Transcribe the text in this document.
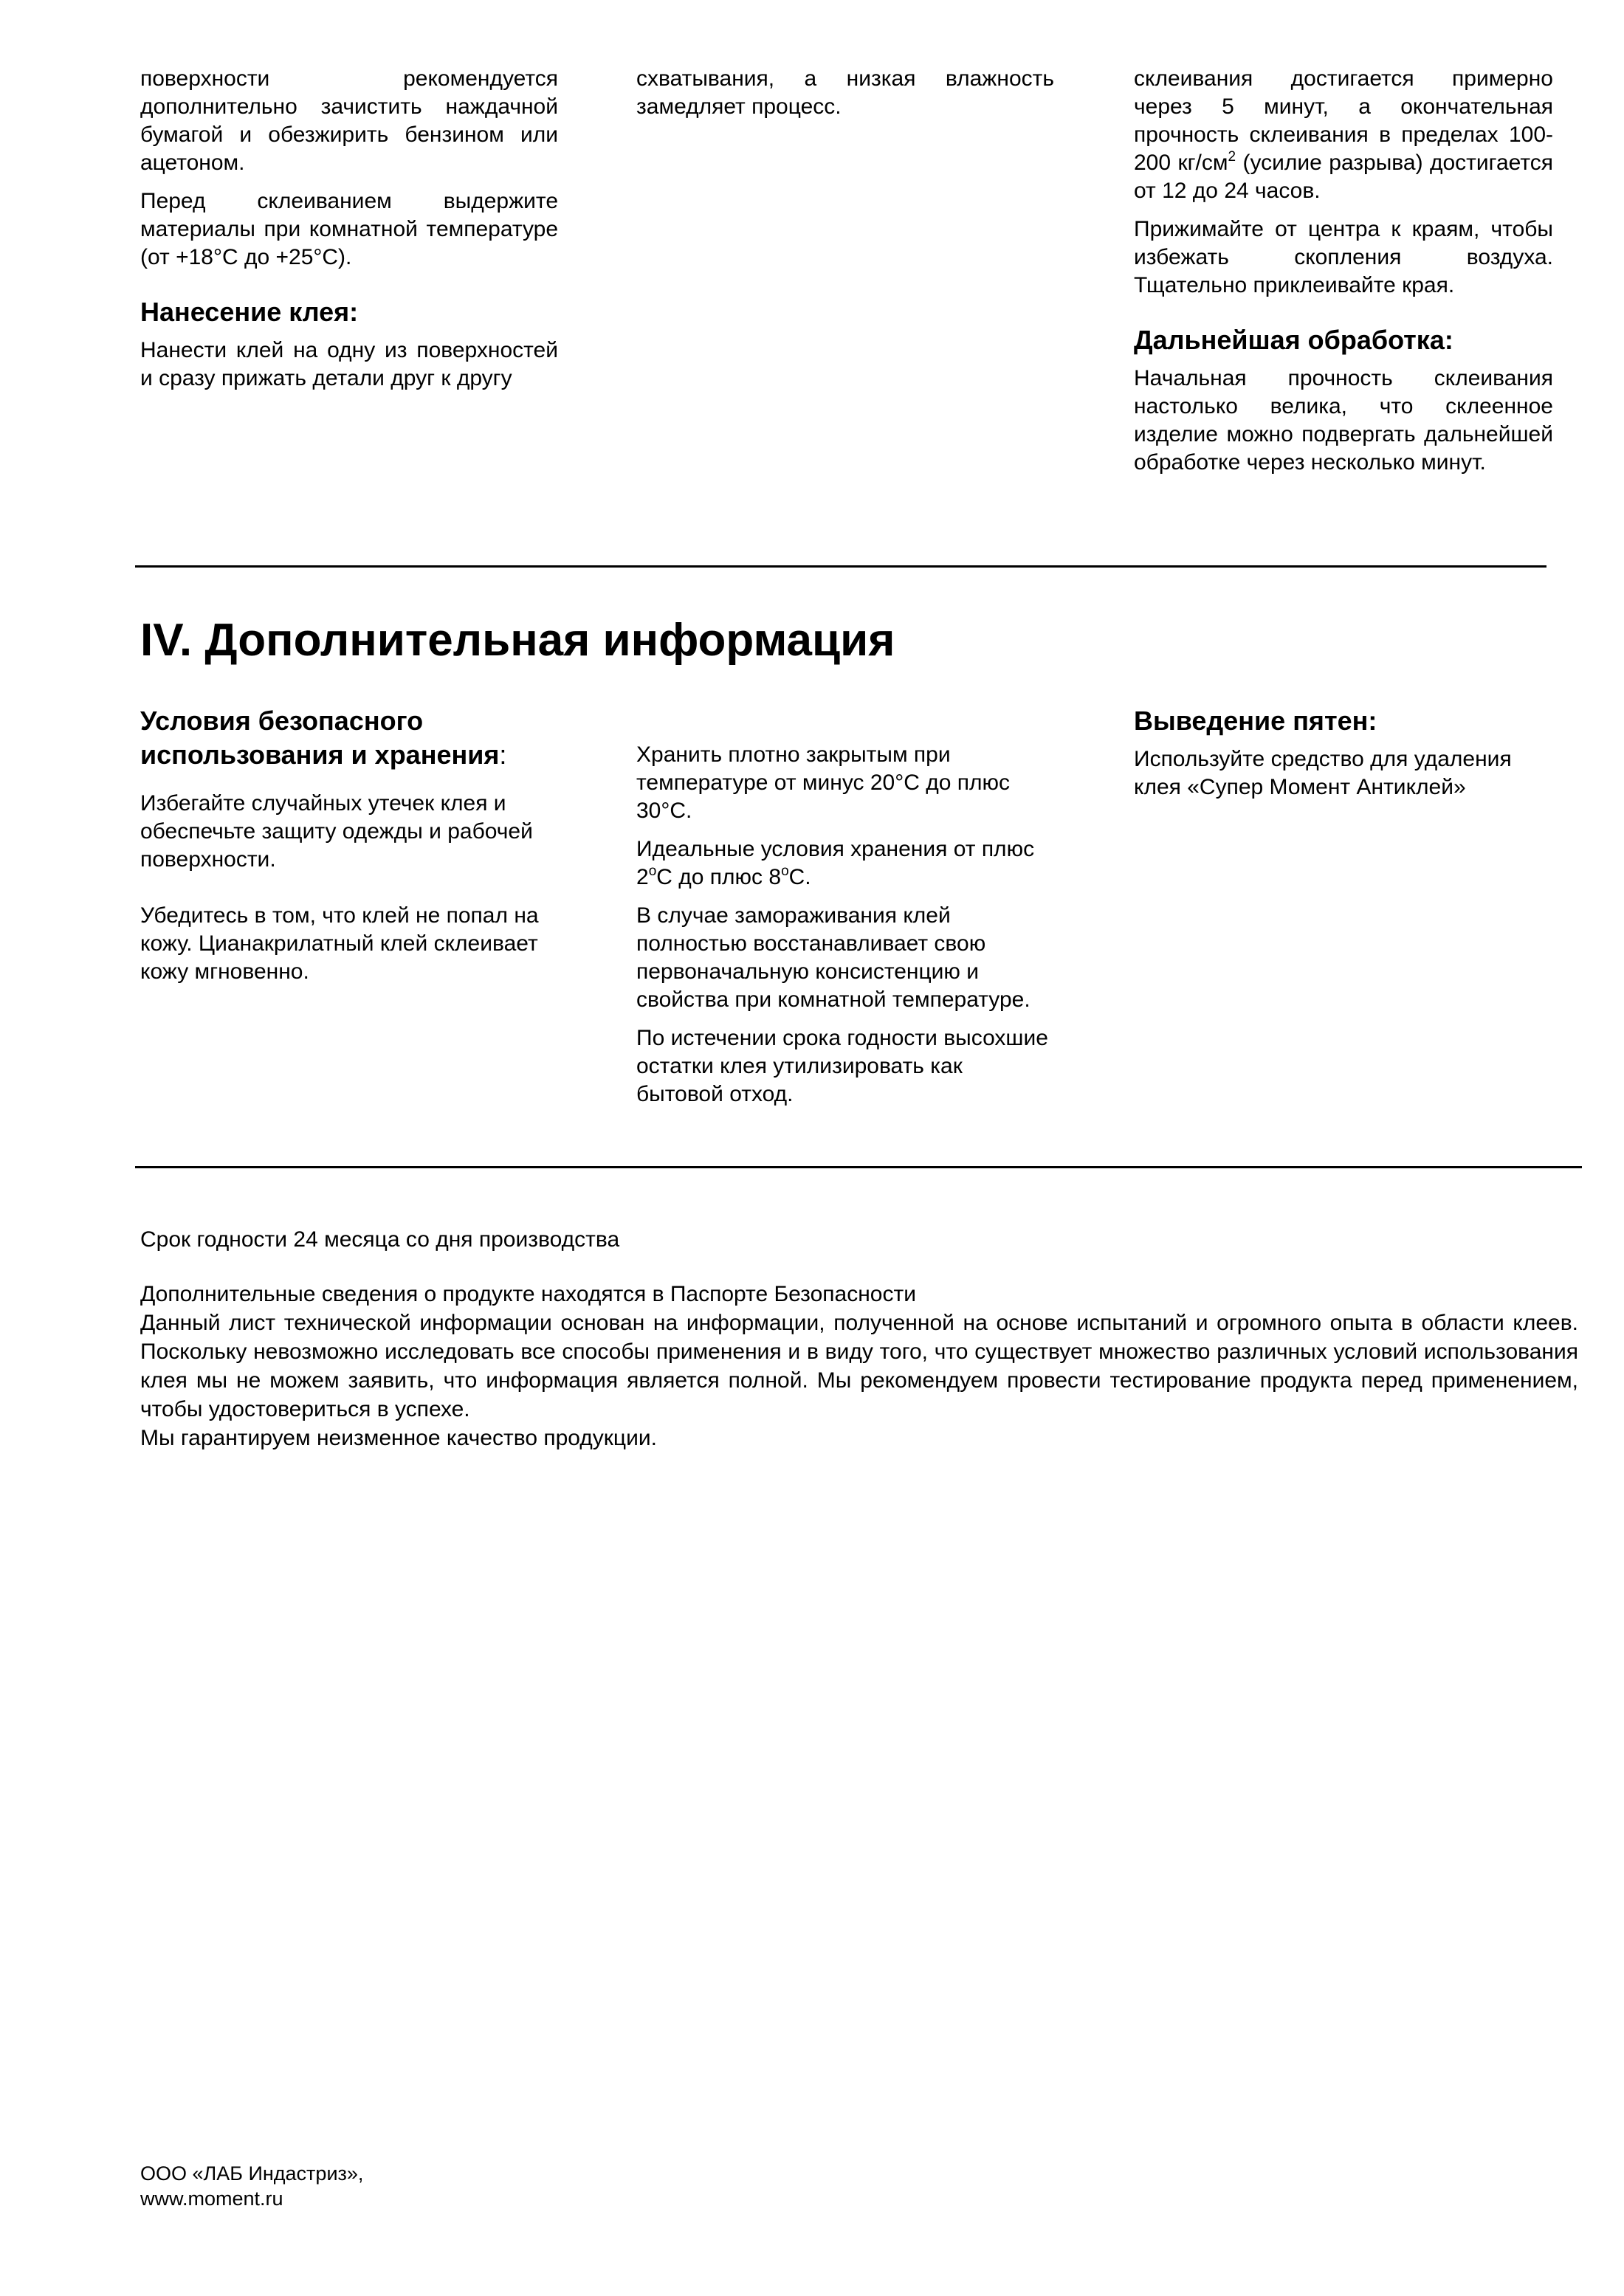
поверхности рекомендуется дополнительно зачистить наждачной бумагой и обезжирить бензином или ацетоном.

Перед склеиванием выдержите материалы при комнатной температуре (от +18°С до +25°С).

Нанесение клея:

Нанести клей на одну из поверхностей и сразу прижать детали друг к другу

схватывания, а низкая влажность замедляет процесс.

склеивания достигается примерно через 5 минут, а окончательная прочность склеивания в пределах 100-200 $кг/см^2$ (усилие разрыва) достигается от 12 до 24 часов.

Прижимайте от центра к краям, чтобы избежать скопления воздуха. Тщательно приклеивайте края.

Дальнейшая обработка:

Начальная прочность склеивания настолько велика, что склеенное изделие можно подвергать дальнейшей обработке через несколько минут.

IV. Дополнительная информация
Условия безопасного
использования и хранения:

Избегайте случайных утечек клея и обеспечьте защиту одежды и рабочей поверхности.

Убедитесь в том, что клей не попал на кожу. Цианакрилатный клей склеивает кожу мгновенно.

Хранить плотно закрытым при температуре от минус 20°С до плюс 30°С.

Идеальные условия хранения от плюс $2^оС$ до плюс $8^оС$.

В случае замораживания клей полностью восстанавливает свою первоначальную консистенцию и свойства при комнатной температуре.

По истечении срока годности высохшие остатки клея утилизировать как бытовой отход.

Выведение пятен:

Используйте средство для удаления клея «Супер Момент Антиклей»

Срок годности 24 месяца со дня производства
Дополнительные сведения о продукте находятся в Паспорте Безопасности
Данный лист технической информации основан на информации, полученной на основе испытаний и огромного опыта в области клеев. Поскольку невозможно исследовать все способы применения и в виду того, что существует множество различных условий использования клея мы не можем заявить, что информация является полной. Мы рекомендуем провести тестирование продукта перед применением, чтобы удостовериться в успехе.
Мы гарантируем неизменное качество продукции.
ООО «ЛАБ Индастриз»,
www.moment.ru
